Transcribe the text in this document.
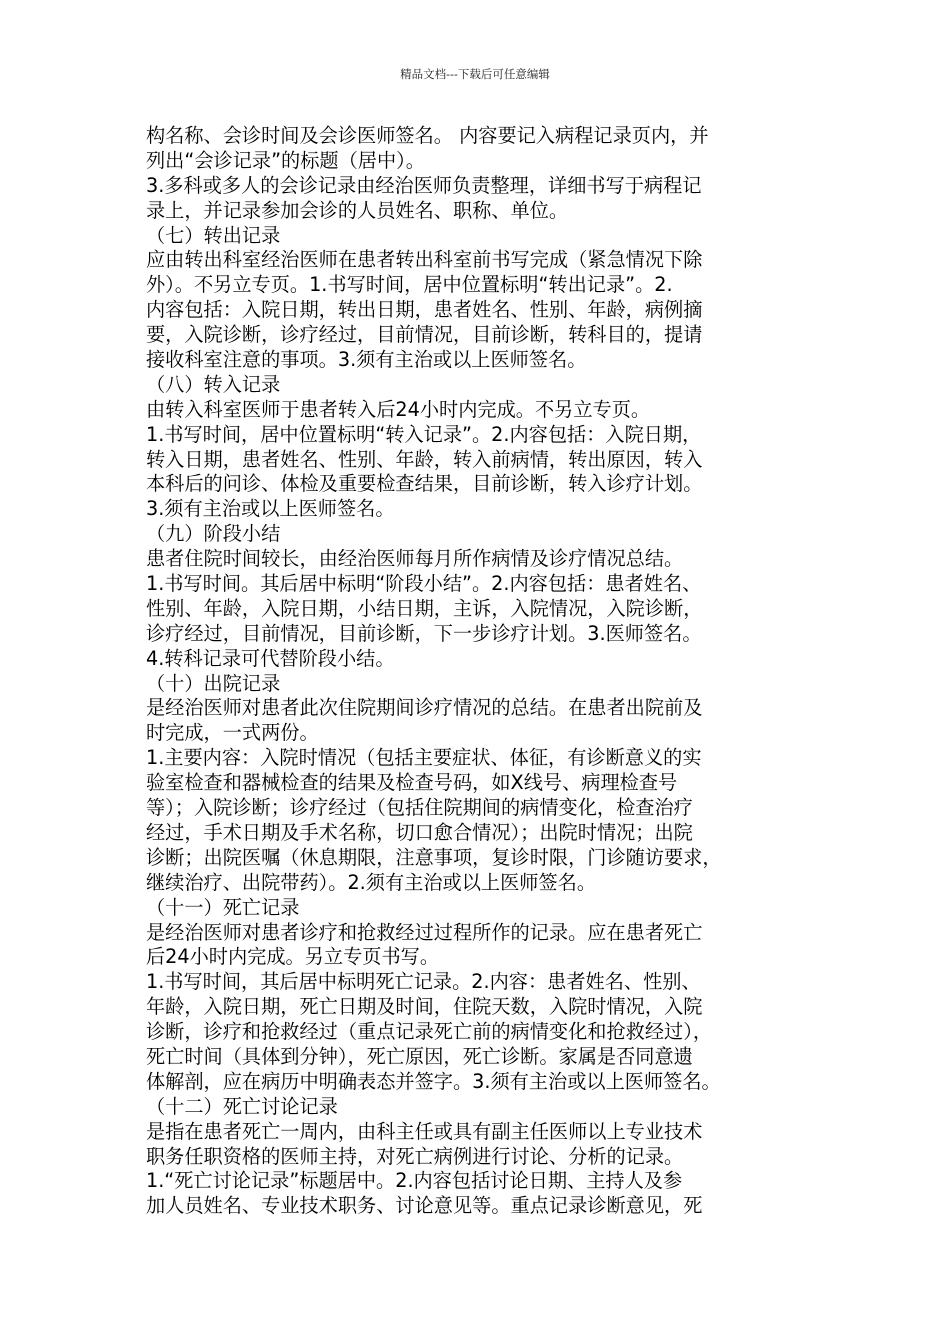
精品文档---下载后可任意编辑
构名称、会诊时间及会诊医师签名。 内容要记入病程记录页内，并
列出“会诊记录”的标题（居中）。
3.多科或多人的会诊记录由经治医师负责整理，详细书写于病程记
录上，并记录参加会诊的人员姓名、职称、单位。
（七）转出记录
应由转出科室经治医师在患者转出科室前书写完成（紧急情况下除
外）。不另立专页。1.书写时间，居中位置标明“转出记录”。2.
内容包括：入院日期，转出日期，患者姓名、性别、年龄，病例摘
要，入院诊断，诊疗经过，目前情况，目前诊断，转科目的，提请
接收科室注意的事项。3.须有主治或以上医师签名。
（八）转入记录
由转入科室医师于患者转入后24小时内完成。不另立专页。
1.书写时间，居中位置标明“转入记录”。2.内容包括：入院日期，
转入日期，患者姓名、性别、年龄，转入前病情，转出原因，转入
本科后的问诊、体检及重要检查结果，目前诊断，转入诊疗计划。
3.须有主治或以上医师签名。
（九）阶段小结
患者住院时间较长，由经治医师每月所作病情及诊疗情况总结。
1.书写时间。其后居中标明“阶段小结”。2.内容包括：患者姓名、
性别、年龄，入院日期，小结日期，主诉，入院情况，入院诊断，
诊疗经过，目前情况，目前诊断，下一步诊疗计划。3.医师签名。
4.转科记录可代替阶段小结。
（十）出院记录
是经治医师对患者此次住院期间诊疗情况的总结。在患者出院前及
时完成，一式两份。
1.主要内容：入院时情况（包括主要症状、体征，有诊断意义的实
验室检查和器械检查的结果及检查号码，如X线号、病理检查号
等）；入院诊断；诊疗经过（包括住院期间的病情变化，检查治疗
经过，手术日期及手术名称，切口愈合情况）；出院时情况；出院
诊断；出院医嘱（休息期限，注意事项，复诊时限，门诊随访要求，
继续治疗、出院带药）。2.须有主治或以上医师签名。
（十一）死亡记录
是经治医师对患者诊疗和抢救经过过程所作的记录。应在患者死亡
后24小时内完成。另立专页书写。
1.书写时间，其后居中标明死亡记录。2.内容：患者姓名、性别、
年龄，入院日期，死亡日期及时间，住院天数，入院时情况，入院
诊断，诊疗和抢救经过（重点记录死亡前的病情变化和抢救经过），
死亡时间（具体到分钟），死亡原因，死亡诊断。家属是否同意遗
体解剖，应在病历中明确表态并签字。3.须有主治或以上医师签名。
（十二）死亡讨论记录
是指在患者死亡一周内，由科主任或具有副主任医师以上专业技术
职务任职资格的医师主持，对死亡病例进行讨论、分析的记录。
1.“死亡讨论记录”标题居中。2.内容包括讨论日期、主持人及参
加人员姓名、专业技术职务、讨论意见等。重点记录诊断意见，死
